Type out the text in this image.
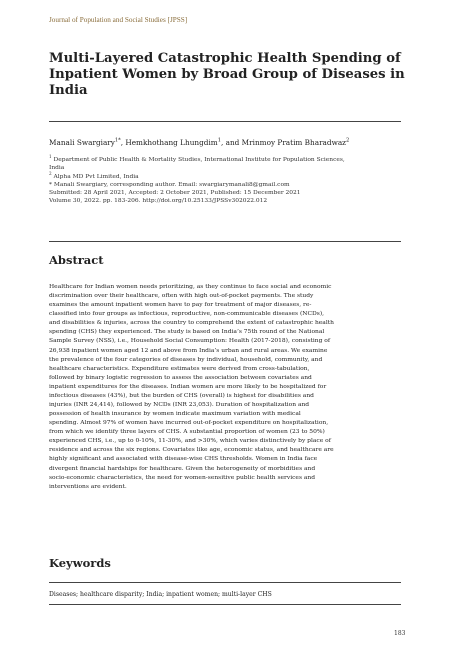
Journal of Population and Social Studies [JPSS]
Multi-Layered Catastrophic Health Spending of
Inpatient Women by Broad Group of Diseases in
India
Manali Swargiary$^{1*}$, Hemkhothang Lhungdim$^1$, and Mrinmoy Pratim Bharadwaz$^2$
$^1$ Department of Public Health & Mortality Studies, International Institute for Population Sciences,
India
$^2$ Alpha MD Pvt Limited, India
* Manali Swargiary, corresponding author. Email: swargiarymanali8@gmail.com
Submitted: 28 April 2021, Accepted: 2 October 2021, Published: 15 December 2021
Volume 30, 2022. pp. 183-206. http://doi.org/10.25133/JPSSv302022.012
Abstract
Healthcare for Indian women needs prioritizing, as they continue to face social and economic
discrimination over their healthcare, often with high out-of-pocket payments. The study
examines the amount inpatient women have to pay for treatment of major diseases, re-
classified into four groups as infectious, reproductive, non-communicable diseases (NCDs),
and disabilities & injuries, across the country to comprehend the extent of catastrophic health
spending (CHS) they experienced. The study is based on India’s 75th round of the National
Sample Survey (NSS), i.e., Household Social Consumption: Health (2017-2018), consisting of
26,938 inpatient women aged 12 and above from India’s urban and rural areas. We examine
the prevalence of the four categories of diseases by individual, household, community, and
healthcare characteristics. Expenditure estimates were derived from cross-tabulation,
followed by binary logistic regression to assess the association between covariates and
inpatient expenditures for the diseases. Indian women are more likely to be hospitalized for
infectious diseases (43%), but the burden of CHS (overall) is highest for disabilities and
injuries (INR 24,414), followed by NCDs (INR 23,053). Duration of hospitalization and
possession of health insurance by women indicate maximum variation with medical
spending. Almost 97% of women have incurred out-of-pocket expenditure on hospitalization,
from which we identify three layers of CHS. A substantial proportion of women (23 to 50%)
experienced CHS, i.e., up to 0-10%, 11-30%, and >30%, which varies distinctively by place of
residence and across the six regions. Covariates like age, economic status, and healthcare are
highly significant and associated with disease-wise CHS thresholds. Women in India face
divergent financial hardships for healthcare. Given the heterogeneity of morbidities and
socio-economic characteristics, the need for women-sensitive public health services and
interventions are evident.
Keywords
Diseases; healthcare disparity; India; inpatient women; multi-layer CHS
183
